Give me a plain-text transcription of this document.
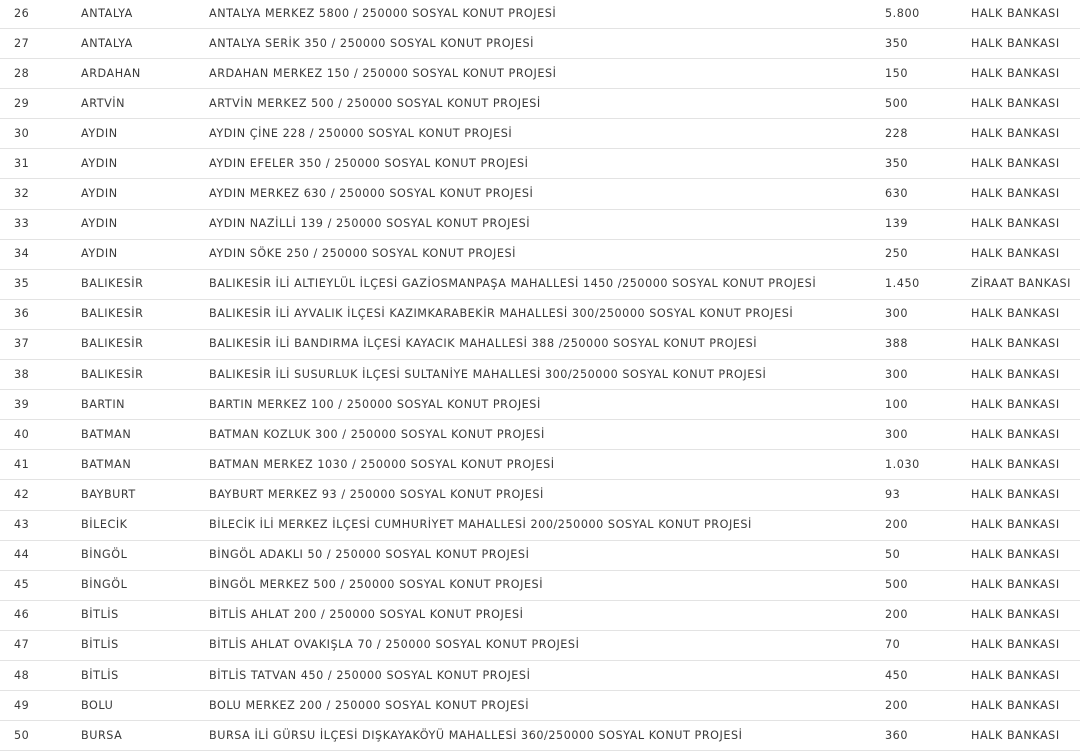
26	ANTALYA	ANTALYA MERKEZ 5800 / 250000 SOSYAL KONUT PROJESİ	5.800	HALK BANKASI
27	ANTALYA	ANTALYA SERİK 350 / 250000 SOSYAL KONUT PROJESİ	350	HALK BANKASI
28	ARDAHAN	ARDAHAN MERKEZ 150 / 250000 SOSYAL KONUT PROJESİ	150	HALK BANKASI
29	ARTVİN	ARTVİN MERKEZ 500 / 250000 SOSYAL KONUT PROJESİ	500	HALK BANKASI
30	AYDIN	AYDIN ÇİNE 228 / 250000 SOSYAL KONUT PROJESİ	228	HALK BANKASI
31	AYDIN	AYDIN EFELER 350 / 250000 SOSYAL KONUT PROJESİ	350	HALK BANKASI
32	AYDIN	AYDIN MERKEZ 630 / 250000 SOSYAL KONUT PROJESİ	630	HALK BANKASI
33	AYDIN	AYDIN NAZİLLİ 139 / 250000 SOSYAL KONUT PROJESİ	139	HALK BANKASI
34	AYDIN	AYDIN SÖKE 250 / 250000 SOSYAL KONUT PROJESİ	250	HALK BANKASI
35	BALIKESİR	BALIKESİR İLİ ALTIEYLÜL İLÇESİ GAZİOSMANPAŞA MAHALLESİ 1450 /250000 SOSYAL KONUT PROJESİ	1.450	ZİRAAT BANKASI
36	BALIKESİR	BALIKESİR İLİ AYVALIK İLÇESİ KAZIMKARABEKİR MAHALLESİ 300/250000 SOSYAL KONUT PROJESİ	300	HALK BANKASI
37	BALIKESİR	BALIKESİR İLİ BANDIRMA İLÇESİ KAYACIK MAHALLESİ 388 /250000 SOSYAL KONUT PROJESİ	388	HALK BANKASI
38	BALIKESİR	BALIKESİR İLİ SUSURLUK İLÇESİ SULTANİYE MAHALLESİ 300/250000 SOSYAL KONUT PROJESİ	300	HALK BANKASI
39	BARTIN	BARTIN MERKEZ 100 / 250000 SOSYAL KONUT PROJESİ	100	HALK BANKASI
40	BATMAN	BATMAN KOZLUK 300 / 250000 SOSYAL KONUT PROJESİ	300	HALK BANKASI
41	BATMAN	BATMAN MERKEZ 1030 / 250000 SOSYAL KONUT PROJESİ	1.030	HALK BANKASI
42	BAYBURT	BAYBURT MERKEZ 93 / 250000 SOSYAL KONUT PROJESİ	93	HALK BANKASI
43	BİLECİK	BİLECİK İLİ MERKEZ İLÇESİ CUMHURİYET MAHALLESİ 200/250000 SOSYAL KONUT PROJESİ	200	HALK BANKASI
44	BİNGÖL	BİNGÖL ADAKLI 50 / 250000 SOSYAL KONUT PROJESİ	50	HALK BANKASI
45	BİNGÖL	BİNGÖL MERKEZ 500 / 250000 SOSYAL KONUT PROJESİ	500	HALK BANKASI
46	BİTLİS	BİTLİS AHLAT 200 / 250000 SOSYAL KONUT PROJESİ	200	HALK BANKASI
47	BİTLİS	BİTLİS AHLAT OVAKIŞLA 70 / 250000 SOSYAL KONUT PROJESİ	70	HALK BANKASI
48	BİTLİS	BİTLİS TATVAN 450 / 250000 SOSYAL KONUT PROJESİ	450	HALK BANKASI
49	BOLU	BOLU MERKEZ 200 / 250000 SOSYAL KONUT PROJESİ	200	HALK BANKASI
50	BURSA	BURSA İLİ GÜRSU İLÇESİ DIŞKAYAKÖYÜ MAHALLESİ 360/250000 SOSYAL KONUT PROJESİ	360	HALK BANKASI
